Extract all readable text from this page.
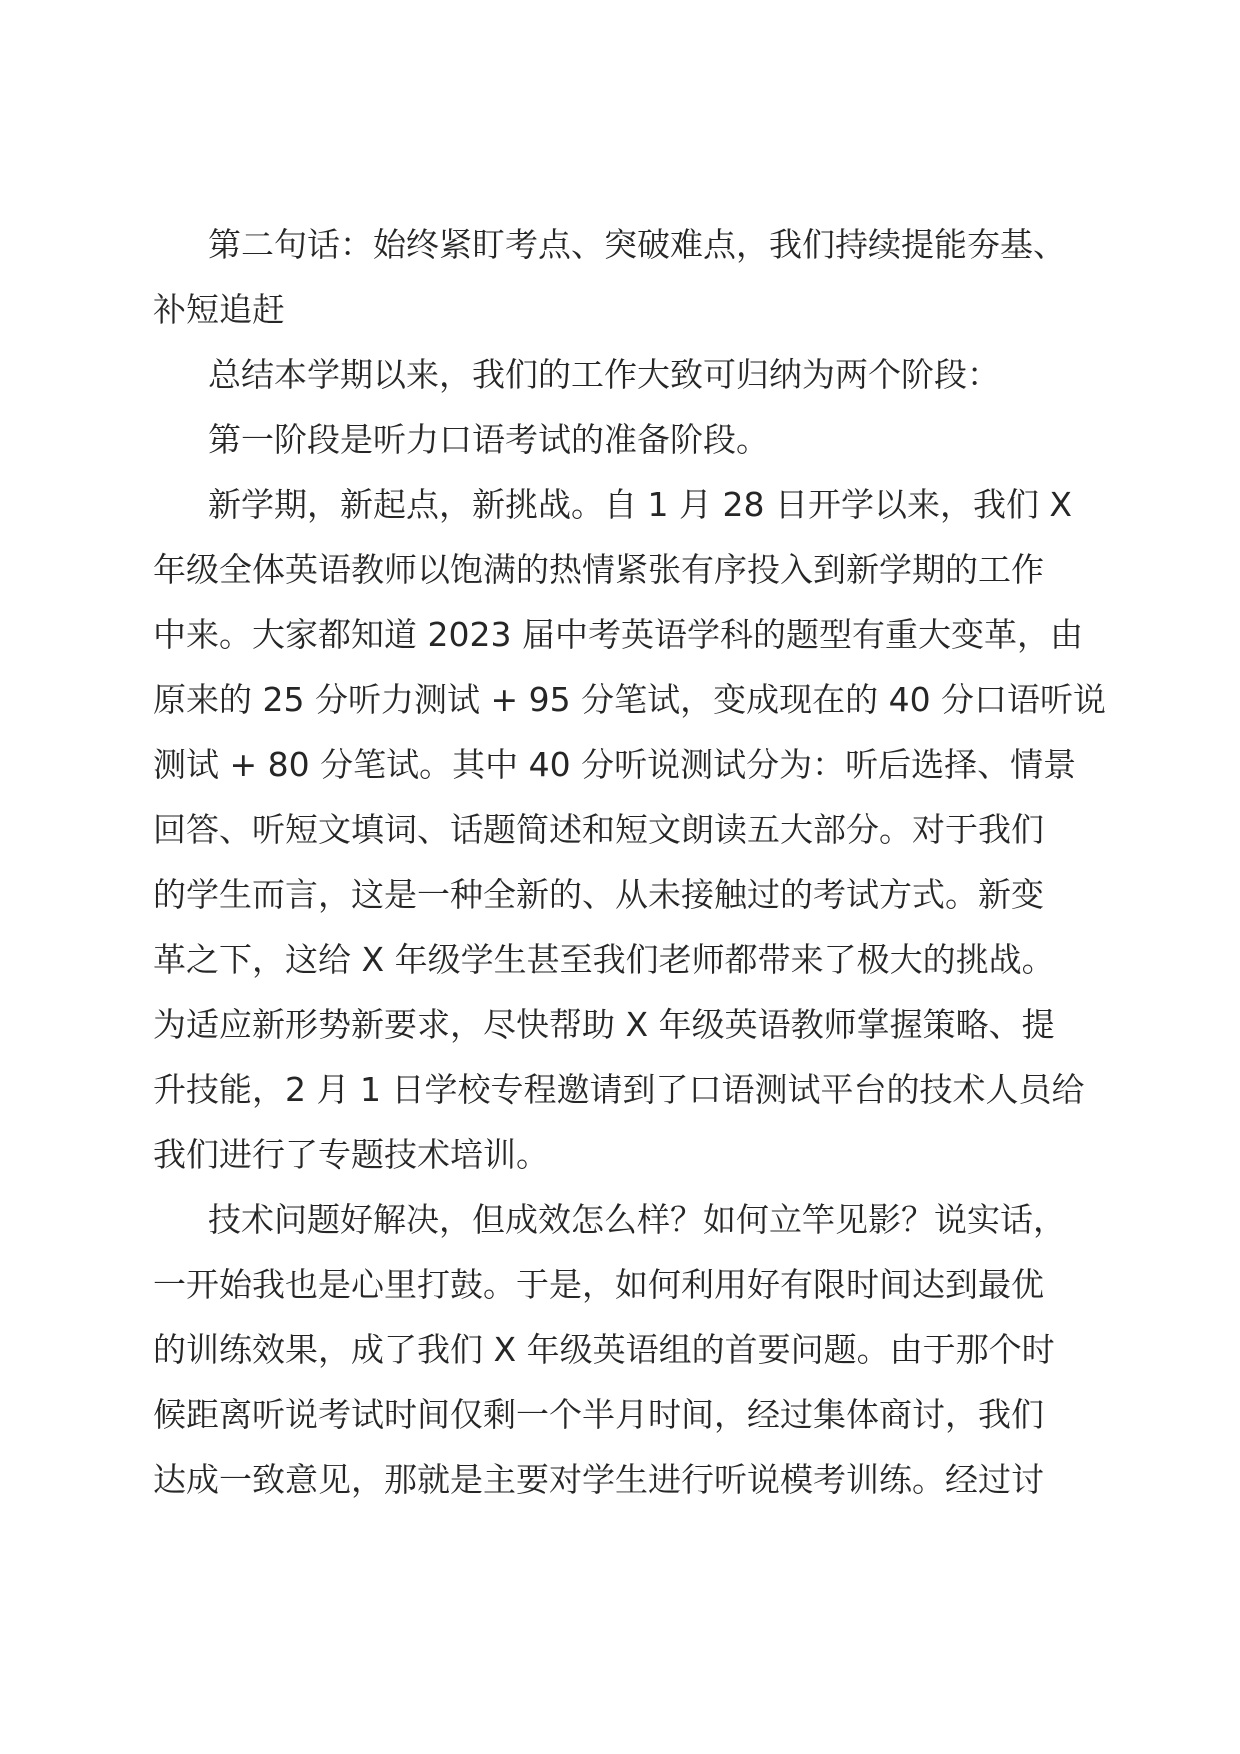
第二句话：始终紧盯考点、突破难点，我们持续提能夯基、

补短追赶

总结本学期以来，我们的工作大致可归纳为两个阶段：

第一阶段是听力口语考试的准备阶段。

新学期，新起点，新挑战。自 1 月 28 日开学以来，我们 X

年级全体英语教师以饱满的热情紧张有序投入到新学期的工作

中来。大家都知道 2023 届中考英语学科的题型有重大变革，由

原来的 25 分听力测试 + 95 分笔试，变成现在的 40 分口语听说

测试 + 80 分笔试。其中 40 分听说测试分为：听后选择、情景

回答、听短文填词、话题简述和短文朗读五大部分。对于我们

的学生而言，这是一种全新的、从未接触过的考试方式。新变

革之下，这给 X 年级学生甚至我们老师都带来了极大的挑战。

为适应新形势新要求，尽快帮助 X 年级英语教师掌握策略、提

升技能，2 月 1 日学校专程邀请到了口语测试平台的技术人员给

我们进行了专题技术培训。

技术问题好解决，但成效怎么样？如何立竿见影？说实话，

一开始我也是心里打鼓。于是，如何利用好有限时间达到最优

的训练效果，成了我们 X 年级英语组的首要问题。由于那个时

候距离听说考试时间仅剩一个半月时间，经过集体商讨，我们

达成一致意见，那就是主要对学生进行听说模考训练。经过讨
